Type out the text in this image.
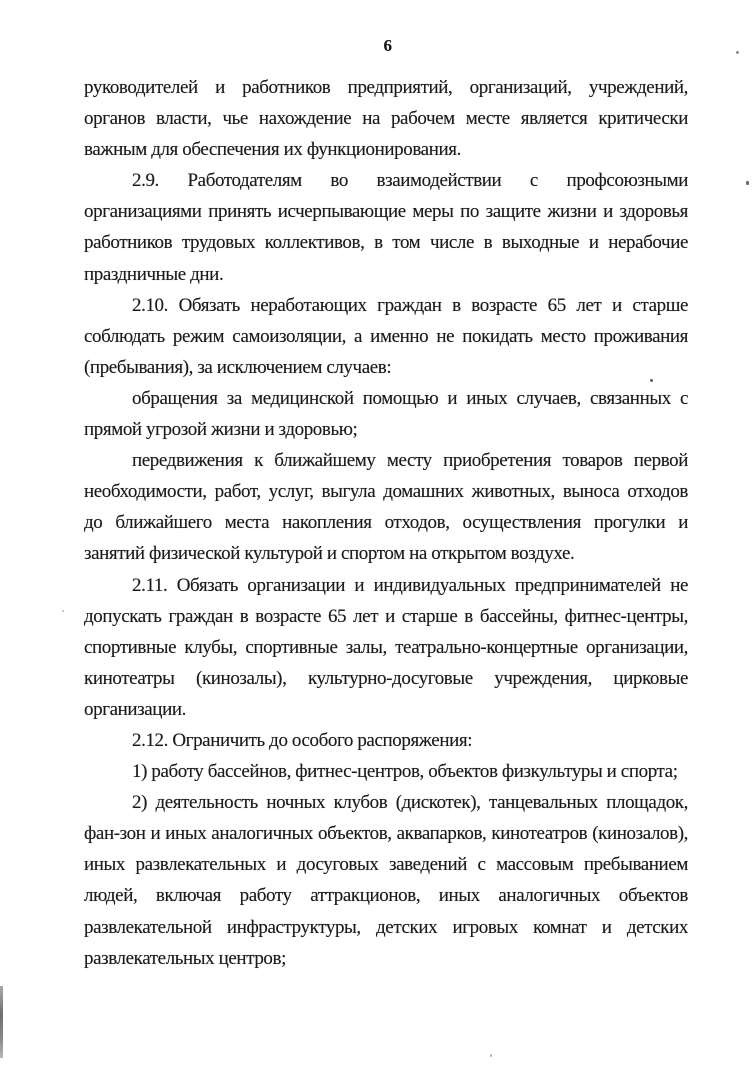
6
руководителей и работников предприятий, организаций, учреждений,
органов власти, чье нахождение на рабочем месте является критически
важным для обеспечения их функционирования.
2.9. Работодателям во взаимодействии с профсоюзными
организациями принять исчерпывающие меры по защите жизни и здоровья
работников трудовых коллективов, в том числе в выходные и нерабочие
праздничные дни.
2.10. Обязать неработающих граждан в возрасте 65 лет и старше
соблюдать режим самоизоляции, а именно не покидать место проживания
(пребывания), за исключением случаев:
обращения за медицинской помощью и иных случаев, связанных с
прямой угрозой жизни и здоровью;
передвижения к ближайшему месту приобретения товаров первой
необходимости, работ, услуг, выгула домашних животных, выноса отходов
до ближайшего места накопления отходов, осуществления прогулки и
занятий физической культурой и спортом на открытом воздухе.
2.11. Обязать организации и индивидуальных предпринимателей не
допускать граждан в возрасте 65 лет и старше в бассейны, фитнес-центры,
спортивные клубы, спортивные залы, театрально-концертные организации,
кинотеатры (кинозалы), культурно-досуговые учреждения, цирковые
организации.
2.12. Ограничить до особого распоряжения:
1) работу бассейнов, фитнес-центров, объектов физкультуры и спорта;
2) деятельность ночных клубов (дискотек), танцевальных площадок,
фан-зон и иных аналогичных объектов, аквапарков, кинотеатров (кинозалов),
иных развлекательных и досуговых заведений с массовым пребыванием
людей, включая работу аттракционов, иных аналогичных объектов
развлекательной инфраструктуры, детских игровых комнат и детских
развлекательных центров;
